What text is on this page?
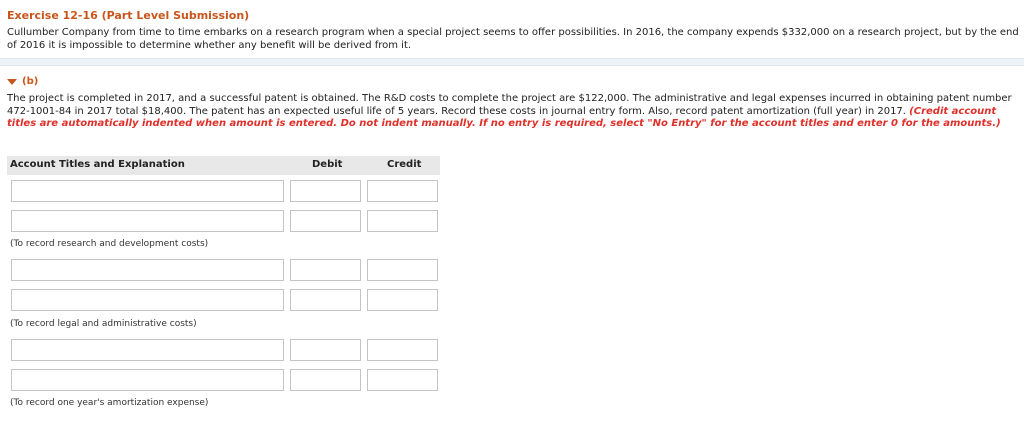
Exercise 12-16 (Part Level Submission)
Cullumber Company from time to time embarks on a research program when a special project seems to offer possibilities. In 2016, the company expends $332,000 on a research project, but by the end of 2016 it is impossible to determine whether any benefit will be derived from it.
(b)
The project is completed in 2017, and a successful patent is obtained. The R&D costs to complete the project are $122,000. The administrative and legal expenses incurred in obtaining patent number 472-1001-84 in 2017 total $18,400. The patent has an expected useful life of 5 years. Record these costs in journal entry form. Also, record patent amortization (full year) in 2017. (Credit account titles are automatically indented when amount is entered. Do not indent manually. If no entry is required, select "No Entry" for the account titles and enter 0 for the amounts.)
Account Titles and Explanation	Debit	Credit
(To record research and development costs)
(To record legal and administrative costs)
(To record one year's amortization expense)
